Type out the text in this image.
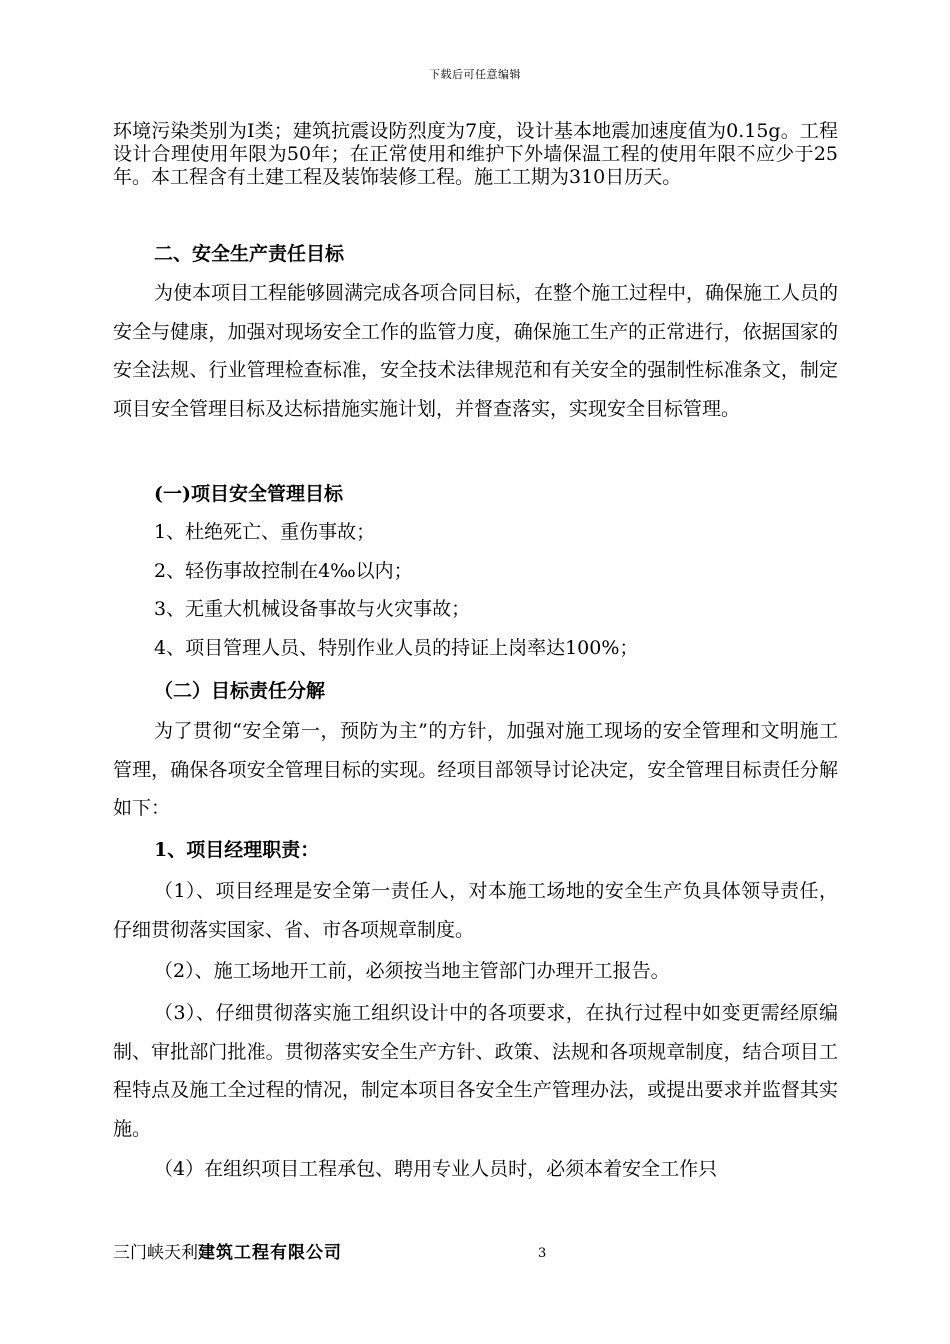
下载后可任意编辑

环境污染类别为Ⅰ类；建筑抗震设防烈度为7度，设计基本地震加速度值为0.15g。工程设计合理使用年限为50年；在正常使用和维护下外墙保温工程的使用年限不应少于25年。本工程含有土建工程及装饰装修工程。施工工期为310日历天。

二、安全生产责任目标

为使本项目工程能够圆满完成各项合同目标，在整个施工过程中，确保施工人员的安全与健康，加强对现场安全工作的监管力度，确保施工生产的正常进行，依据国家的安全法规、行业管理检查标准，安全技术法律规范和有关安全的强制性标准条文，制定项目安全管理目标及达标措施实施计划，并督查落实，实现安全目标管理。

(一)项目安全管理目标

1、杜绝死亡、重伤事故；

2、轻伤事故控制在4‰以内；

3、无重大机械设备事故与火灾事故；

4、项目管理人员、特别作业人员的持证上岗率达100%；

（二）目标责任分解

为了贯彻“安全第一，预防为主”的方针，加强对施工现场的安全管理和文明施工管理，确保各项安全管理目标的实现。经项目部领导讨论决定，安全管理目标责任分解如下：

1、项目经理职责：

（1）、项目经理是安全第一责任人，对本施工场地的安全生产负具体领导责任，仔细贯彻落实国家、省、市各项规章制度。

（2）、施工场地开工前，必须按当地主管部门办理开工报告。

（3）、仔细贯彻落实施工组织设计中的各项要求，在执行过程中如变更需经原编制、审批部门批准。贯彻落实安全生产方针、政策、法规和各项规章制度，结合项目工程特点及施工全过程的情况，制定本项目各安全生产管理办法，或提出要求并监督其实施。

（4）在组织项目工程承包、聘用专业人员时，必须本着安全工作只

三门峡天利建筑工程有限公司	3
